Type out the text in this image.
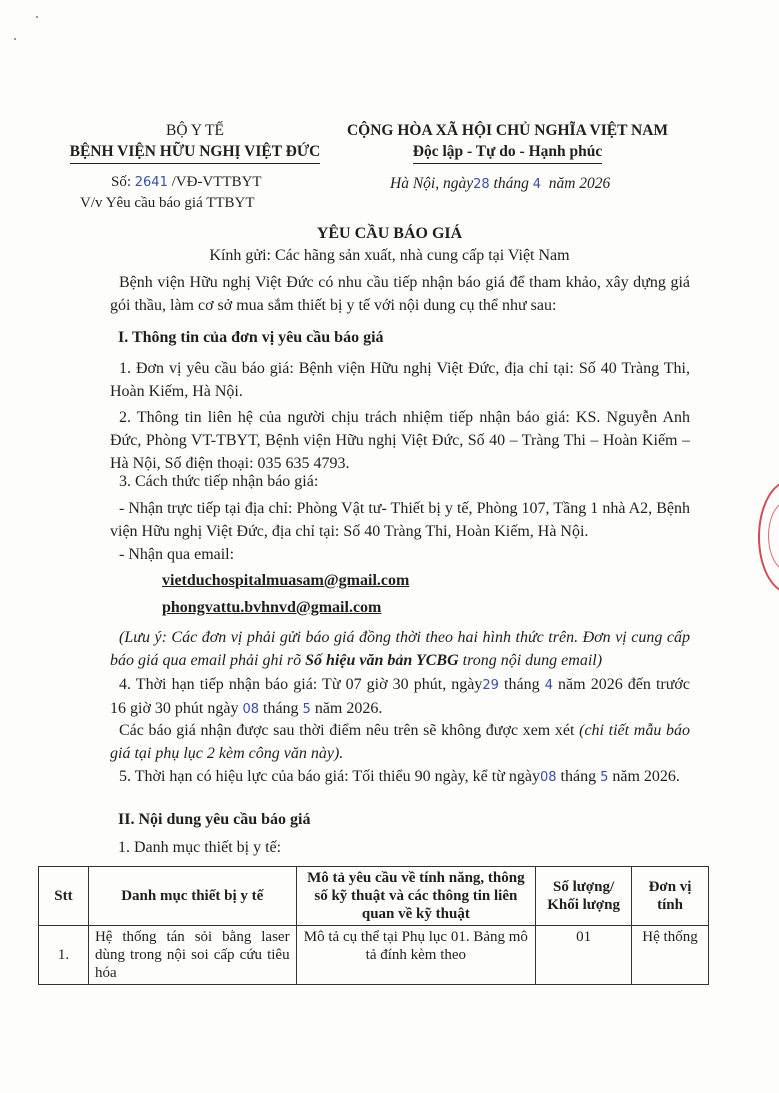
BỘ Y TẾ
BỆNH VIỆN HỮU NGHỊ VIỆT ĐỨC
CỘNG HÒA XÃ HỘI CHỦ NGHĨA VIỆT NAM
Độc lập - Tự do - Hạnh phúc
Số: 2641 /VĐ-VTTBYT
V/v Yêu cầu báo giá TTBYT
Hà Nội, ngày28 tháng 4 năm 2026
YÊU CẦU BÁO GIÁ
Kính gửi: Các hãng sản xuất, nhà cung cấp tại Việt Nam
Bệnh viện Hữu nghị Việt Đức có nhu cầu tiếp nhận báo giá để tham khảo, xây dựng giá gói thầu, làm cơ sở mua sắm thiết bị y tế với nội dung cụ thể như sau:
I. Thông tin của đơn vị yêu cầu báo giá
1. Đơn vị yêu cầu báo giá: Bệnh viện Hữu nghị Việt Đức, địa chỉ tại: Số 40 Tràng Thi, Hoàn Kiếm, Hà Nội.
2. Thông tin liên hệ của người chịu trách nhiệm tiếp nhận báo giá: KS. Nguyễn Anh Đức, Phòng VT-TBYT, Bệnh viện Hữu nghị Việt Đức, Số 40 – Tràng Thi – Hoàn Kiếm – Hà Nội, Số điện thoại: 035 635 4793.
3. Cách thức tiếp nhận báo giá:
- Nhận trực tiếp tại địa chỉ: Phòng Vật tư- Thiết bị y tế, Phòng 107, Tầng 1 nhà A2, Bệnh viện Hữu nghị Việt Đức, địa chỉ tại: Số 40 Tràng Thi, Hoàn Kiếm, Hà Nội.
- Nhận qua email:
vietduchospitalmuasam@gmail.com
phongvattu.bvhnvd@gmail.com
(Lưu ý: Các đơn vị phải gửi báo giá đồng thời theo hai hình thức trên. Đơn vị cung cấp báo giá qua email phải ghi rõ Số hiệu văn bản YCBG trong nội dung email)
4. Thời hạn tiếp nhận báo giá: Từ 07 giờ 30 phút, ngày29 tháng 4 năm 2026 đến trước 16 giờ 30 phút ngày 08 tháng 5 năm 2026.
Các báo giá nhận được sau thời điểm nêu trên sẽ không được xem xét (chi tiết mẫu báo giá tại phụ lục 2 kèm công văn này).
5. Thời hạn có hiệu lực của báo giá: Tối thiểu 90 ngày, kể từ ngày08 tháng 5 năm 2026.
II. Nội dung yêu cầu báo giá
1. Danh mục thiết bị y tế:
Stt	Danh mục thiết bị y tế	Mô tả yêu cầu về tính năng, thông số kỹ thuật và các thông tin liên quan về kỹ thuật	Số lượng/ Khối lượng	Đơn vị tính
1.	Hệ thống tán sỏi bằng laser dùng trong nội soi cấp cứu tiêu hóa	Mô tả cụ thể tại Phụ lục 01. Bảng mô tả đính kèm theo	01	Hệ thống
